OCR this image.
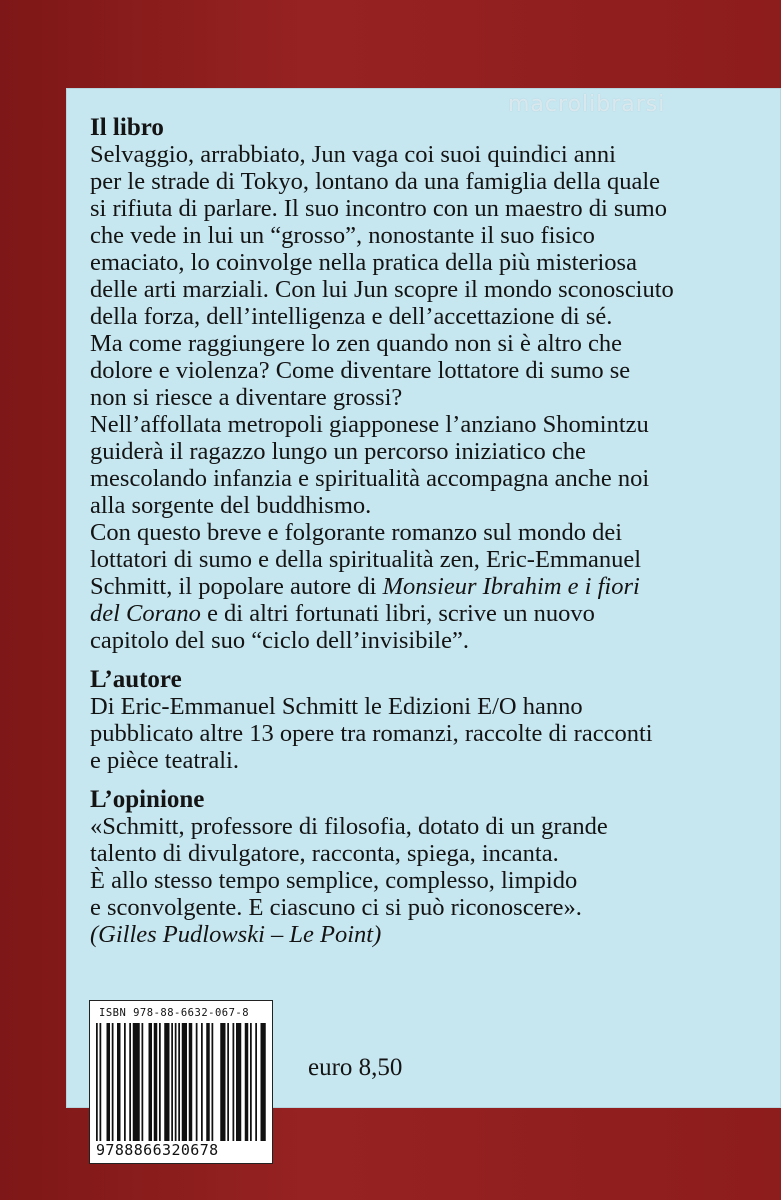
macrolibrarsi
Il libro

Selvaggio, arrabbiato, Jun vaga coi suoi quindici anni
per le strade di Tokyo, lontano da una famiglia della quale
si rifiuta di parlare. Il suo incontro con un maestro di sumo
che vede in lui un “grosso”, nonostante il suo fisico
emaciato, lo coinvolge nella pratica della più misteriosa
delle arti marziali. Con lui Jun scopre il mondo sconosciuto
della forza, dell’intelligenza e dell’accettazione di sé.
Ma come raggiungere lo zen quando non si è altro che
dolore e violenza? Come diventare lottatore di sumo se
non si riesce a diventare grossi?
Nell’affollata metropoli giapponese l’anziano Shomintzu
guiderà il ragazzo lungo un percorso iniziatico che
mescolando infanzia e spiritualità accompagna anche noi
alla sorgente del buddhismo.
Con questo breve e folgorante romanzo sul mondo dei
lottatori di sumo e della spiritualità zen, Eric-Emmanuel
Schmitt, il popolare autore di Monsieur Ibrahim e i fiori
del Corano e di altri fortunati libri, scrive un nuovo
capitolo del suo “ciclo dell’invisibile”.

L’autore

Di Eric-Emmanuel Schmitt le Edizioni E/O hanno
pubblicato altre 13 opere tra romanzi, raccolte di racconti
e pièce teatrali.

L’opinione

«Schmitt, professore di filosofia, dotato di un grande
talento di divulgatore, racconta, spiega, incanta.
È allo stesso tempo semplice, complesso, limpido
e sconvolgente. E ciascuno ci si può riconoscere».
(Gilles Pudlowski – Le Point)

ISBN 978-88-6632-067-8
9788866320678
euro 8,50
